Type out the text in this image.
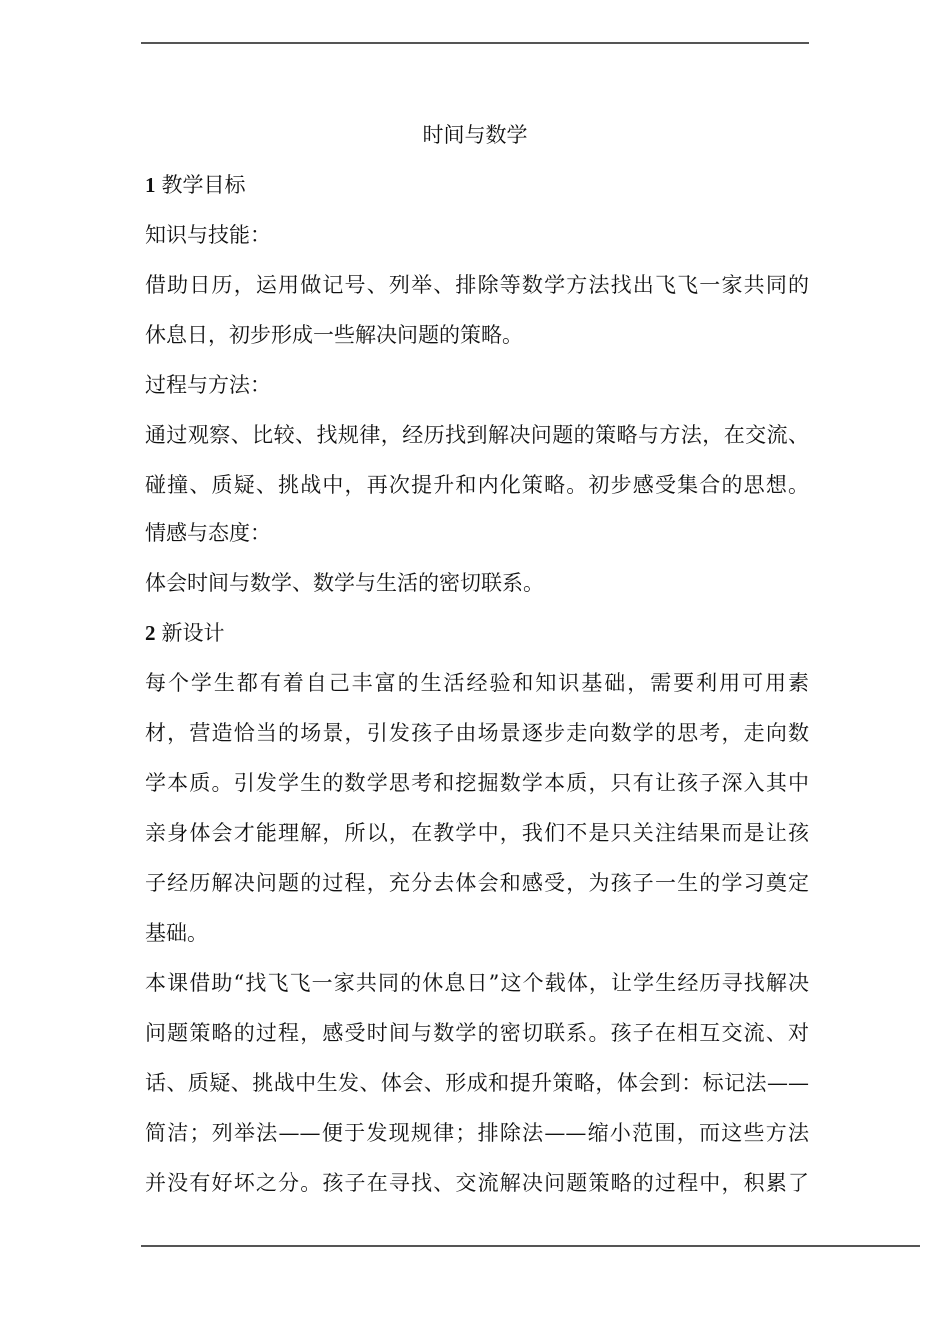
时间与数学
1 教学目标
知识与技能：
借助日历，运用做记号、列举、排除等数学方法找出飞飞一家共同的
休息日，初步形成一些解决问题的策略。
过程与方法：
通过观察、比较、找规律，经历找到解决问题的策略与方法，在交流、
碰撞、质疑、挑战中，再次提升和内化策略。初步感受集合的思想。
情感与态度：
体会时间与数学、数学与生活的密切联系。
2 新设计
每个学生都有着自己丰富的生活经验和知识基础，需要利用可用素
材，营造恰当的场景，引发孩子由场景逐步走向数学的思考，走向数
学本质。引发学生的数学思考和挖掘数学本质，只有让孩子深入其中
亲身体会才能理解，所以，在教学中，我们不是只关注结果而是让孩
子经历解决问题的过程，充分去体会和感受，为孩子一生的学习奠定
基础。
本课借助“找飞飞一家共同的休息日”这个载体，让学生经历寻找解决
问题策略的过程，感受时间与数学的密切联系。孩子在相互交流、对
话、质疑、挑战中生发、体会、形成和提升策略，体会到：标记法——
简洁；列举法——便于发现规律；排除法——缩小范围，而这些方法
并没有好坏之分。孩子在寻找、交流解决问题策略的过程中，积累了
